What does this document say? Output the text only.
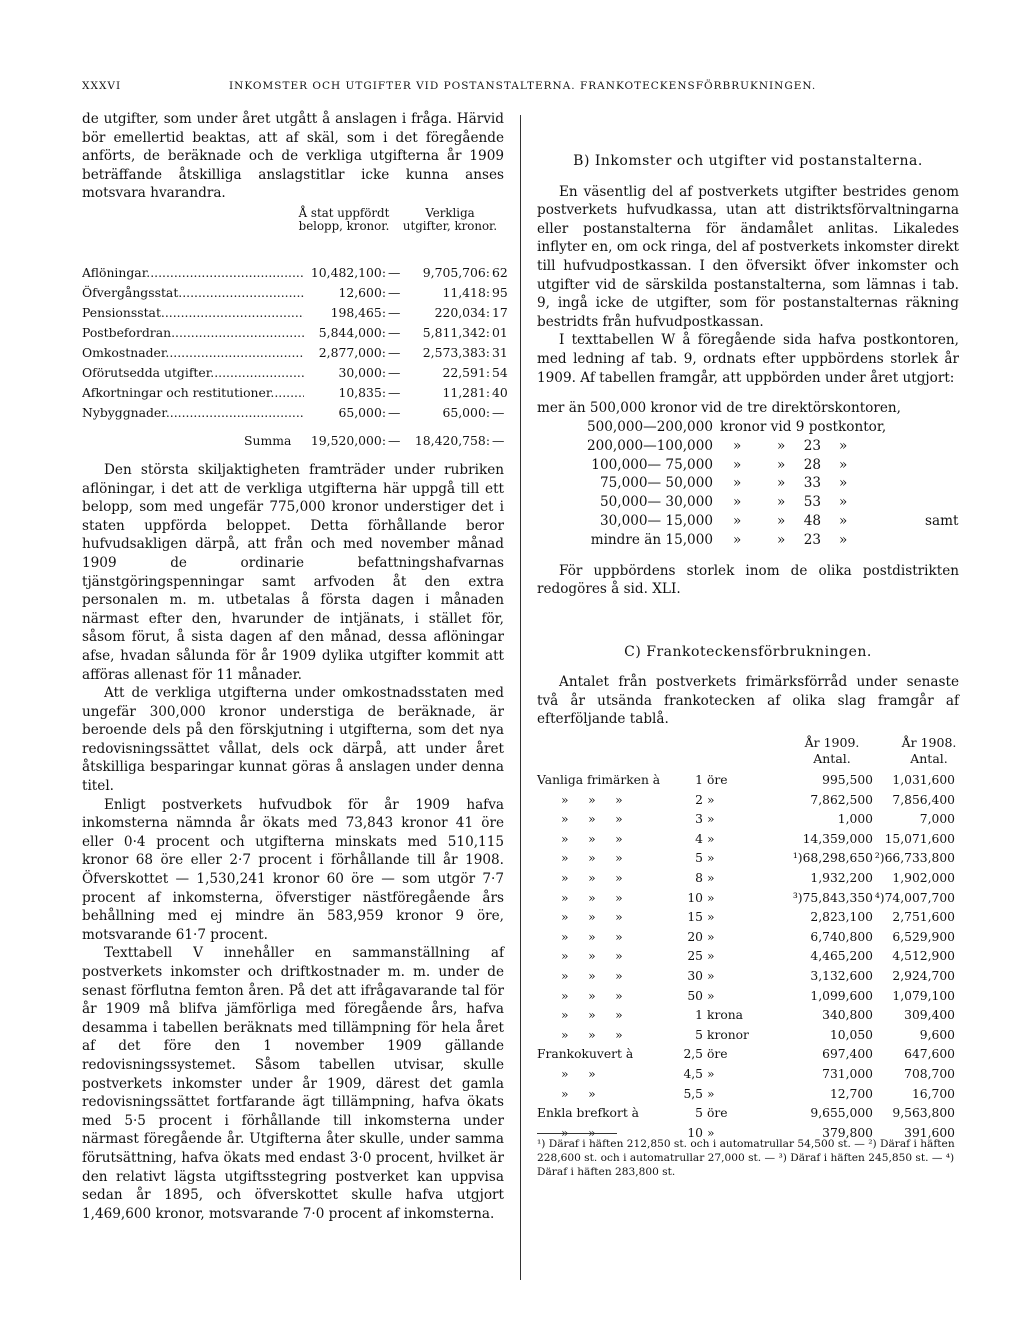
XXXVI	INKOMSTER OCH UTGIFTER VID POSTANSTALTERNA. FRANKOTECKENSFÖRBRUKNINGEN.

de utgifter, som under året utgått å anslagen i fråga. Härvid bör emellertid beaktas, att af skäl, som i det föregående anförts, de beräknade och de verkliga utgifterna år 1909 beträffande åtskilliga anslagstitlar icke kunna anses motsvara hvarandra.

Å stat uppfördt belopp, kronor.
Verkliga utgifter, kronor.
Aflöningar .....	10,482,100: —	9,705,706: 62
Öfvergångsstat .....	12,600: —	11,418: 95
Pensionsstat .....	198,465: —	220,034: 17
Postbefordran .....	5,844,000: —	5,811,342: 01
Omkostnader .....	2,877,000: —	2,573,383: 31
Oförutsedda utgifter .....	30,000: —	22,591: 54
Afkortningar och restitutioner .....	10,835: —	11,281: 40
Nybyggnader .....	65,000: —	65,000: —
Summa	19,520,000: —	18,420,758: —

Den största skiljaktigheten framträder under rubriken aflöningar, i det att de verkliga utgifterna här uppgå till ett belopp, som med ungefär 775,000 kronor understiger det i staten uppförda beloppet. Detta förhållande beror hufvudsakligen därpå, att från och med november månad 1909 de ordinarie befattningshafvarnas tjänstgöringspenningar samt arfvoden åt den extra personalen m. m. utbetalas å första dagen i månaden närmast efter den, hvarunder de intjänats, i stället för, såsom förut, å sista dagen af den månad, dessa aflöningar afse, hvadan sålunda för år 1909 dylika utgifter kommit att afföras allenast för 11 månader.

Att de verkliga utgifterna under omkostnadsstaten med ungefär 300,000 kronor understiga de beräknade, är beroende dels på den förskjutning i utgifterna, som det nya redovisningssättet vållat, dels ock därpå, att under året åtskilliga besparingar kunnat göras å anslagen under denna titel.

Enligt postverkets hufvudbok för år 1909 hafva inkomsterna nämnda år ökats med 73,843 kronor 41 öre eller 0·4 procent och utgifterna minskats med 510,115 kronor 68 öre eller 2·7 procent i förhållande till år 1908. Öfverskottet — 1,530,241 kronor 60 öre — som utgör 7·7 procent af inkomsterna, öfverstiger nästföregående års behållning med ej mindre än 583,959 kronor 9 öre, motsvarande 61·7 procent.

Texttabell V innehåller en sammanställning af postverkets inkomster och driftkostnader m. m. under de senast förflutna femton åren. På det att ifrågavarande tal för år 1909 må blifva jämförliga med föregående års, hafva desamma i tabellen beräknats med tillämpning för hela året af det före den 1 november 1909 gällande redovisningssystemet. Såsom tabellen utvisar, skulle postverkets inkomster under år 1909, därest det gamla redovisningssättet fortfarande ägt tillämpning, hafva ökats med 5·5 procent i förhållande till inkomsterna under närmast föregående år. Utgifterna åter skulle, under samma förutsättning, hafva ökats med endast 3·0 procent, hvilket är den relativt lägsta utgiftsstegring postverket kan uppvisa sedan år 1895, och öfverskottet skulle hafva utgjort 1,469,600 kronor, motsvarande 7·0 procent af inkomsterna.

B) Inkomster och utgifter vid postanstalterna.

En väsentlig del af postverkets utgifter bestrides genom postverkets hufvudkassa, utan att distriktsförvaltningarna eller postanstalterna för ändamålet anlitas. Likaledes inflyter en, om ock ringa, del af postverkets inkomster direkt till hufvudpostkassan. I den öfversikt öfver inkomster och utgifter vid de särskilda postanstalterna, som lämnas i tab. 9, ingå icke de utgifter, som för postanstalternas räkning bestridts från hufvudpostkassan.

I texttabellen W å föregående sida hafva postkontoren, med ledning af tab. 9, ordnats efter uppbördens storlek år 1909. Af tabellen framgår, att uppbörden under året utgjort:

mer än 500,000 kronor vid de tre direktörskontoren,
500,000—200,000 kronor vid 9 postkontor,
200,000—100,000 »	»	23 »
100,000— 75,000 »	»	28 »
75,000— 50,000 »	»	33 »
50,000— 30,000 »	»	53 »
30,000— 15,000 »	»	48 »	samt
mindre än 15,000 »	»	23 »

För uppbördens storlek inom de olika postdistrikten redogöres å sid. XLI.

C) Frankoteckensförbrukningen.

Antalet från postverkets frimärksförråd under senaste två år utsända frankotecken af olika slag framgår af efterföljande tablå.

År 1909.
Antal.
År 1908.
Antal.
Vanliga frimärken à	1 öre	995,500	1,031,600
»     »     »	2 »	7,862,500	7,856,400
»     »     »	3 »	1,000	7,000
»     »     »	4 »	14,359,000 15,071,600
»     »     »	5 »	¹)68,298,650 ²)66,733,800
»     »     »	8 »	1,932,200	1,902,000
»     »     »	10 »	³)75,843,350 ⁴)74,007,700
»     »     »	15 »	2,823,100	2,751,600
»     »     »	20 »	6,740,800	6,529,900
»     »     »	25 »	4,465,200	4,512,900
»     »     »	30 »	3,132,600	2,924,700
»     »     »	50 »	1,099,600	1,079,100
»     »     »	1 krona	340,800	309,400
»     »     »	5 kronor	10,050	9,600
Frankokuvert à	2,5 öre	697,400	647,600
»     »	4,5 »	731,000	708,700
»     »	5,5 »	12,700	16,700
Enkla brefkort à	5 öre	9,655,000	9,563,800
»     »	10 »	379,800	391,600
¹) Däraf i häften 212,850 st. och i automatrullar 54,500 st. — ²) Däraf i häften 228,600 st. och i automatrullar 27,000 st. — ³) Däraf i häften 245,850 st. — ⁴) Däraf i häften 283,800 st.
